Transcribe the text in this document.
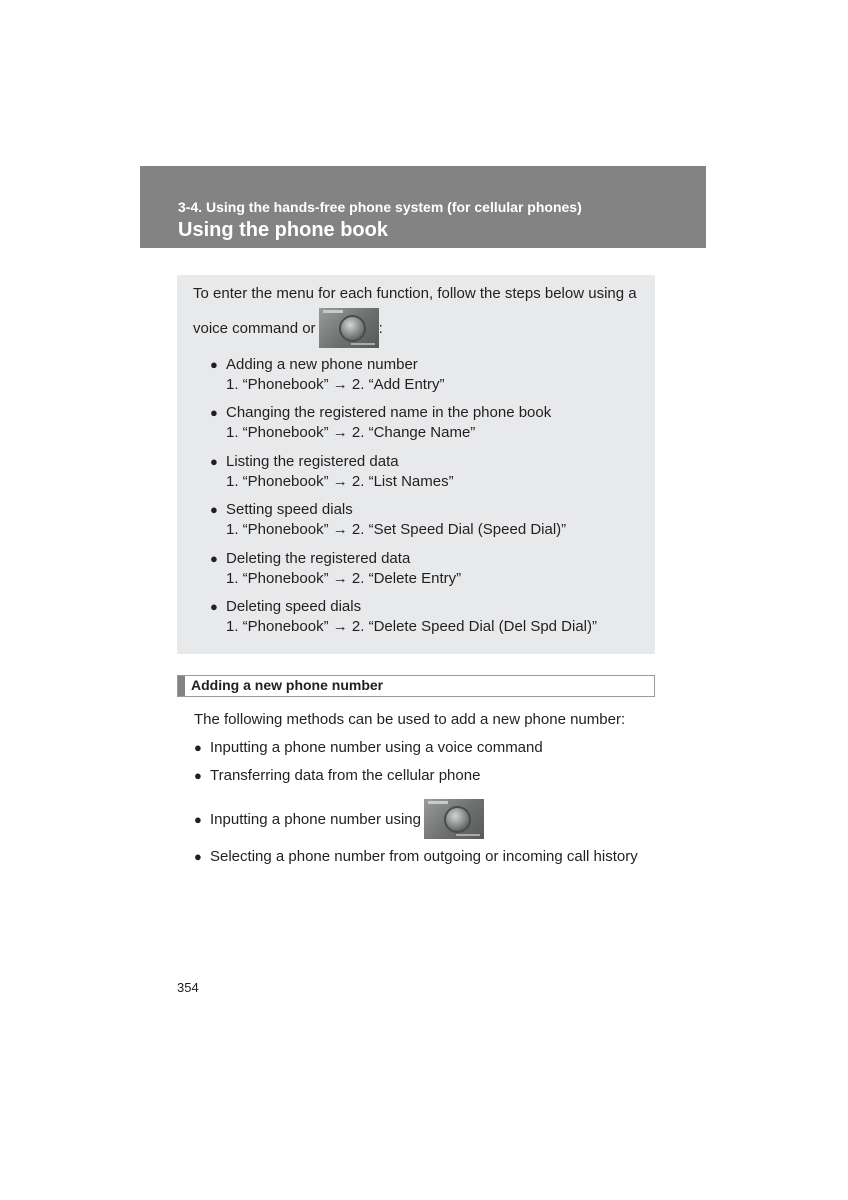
3-4. Using the hands-free phone system (for cellular phones)
Using the phone book
To enter the menu for each function, follow the steps below using a
voice command or	:
● Adding a new phone number
1. “Phonebook” → 2. “Add Entry”
● Changing the registered name in the phone book
1. “Phonebook” → 2. “Change Name”
● Listing the registered data
1. “Phonebook” → 2. “List Names”
● Setting speed dials
1. “Phonebook” → 2. “Set Speed Dial (Speed Dial)”
● Deleting the registered data
1. “Phonebook” → 2. “Delete Entry”
● Deleting speed dials
1. “Phonebook” → 2. “Delete Speed Dial (Del Spd Dial)”
Adding a new phone number
The following methods can be used to add a new phone number:
● Inputting a phone number using a voice command
● Transferring data from the cellular phone
● Inputting a phone number using
● Selecting a phone number from outgoing or incoming call history
354
